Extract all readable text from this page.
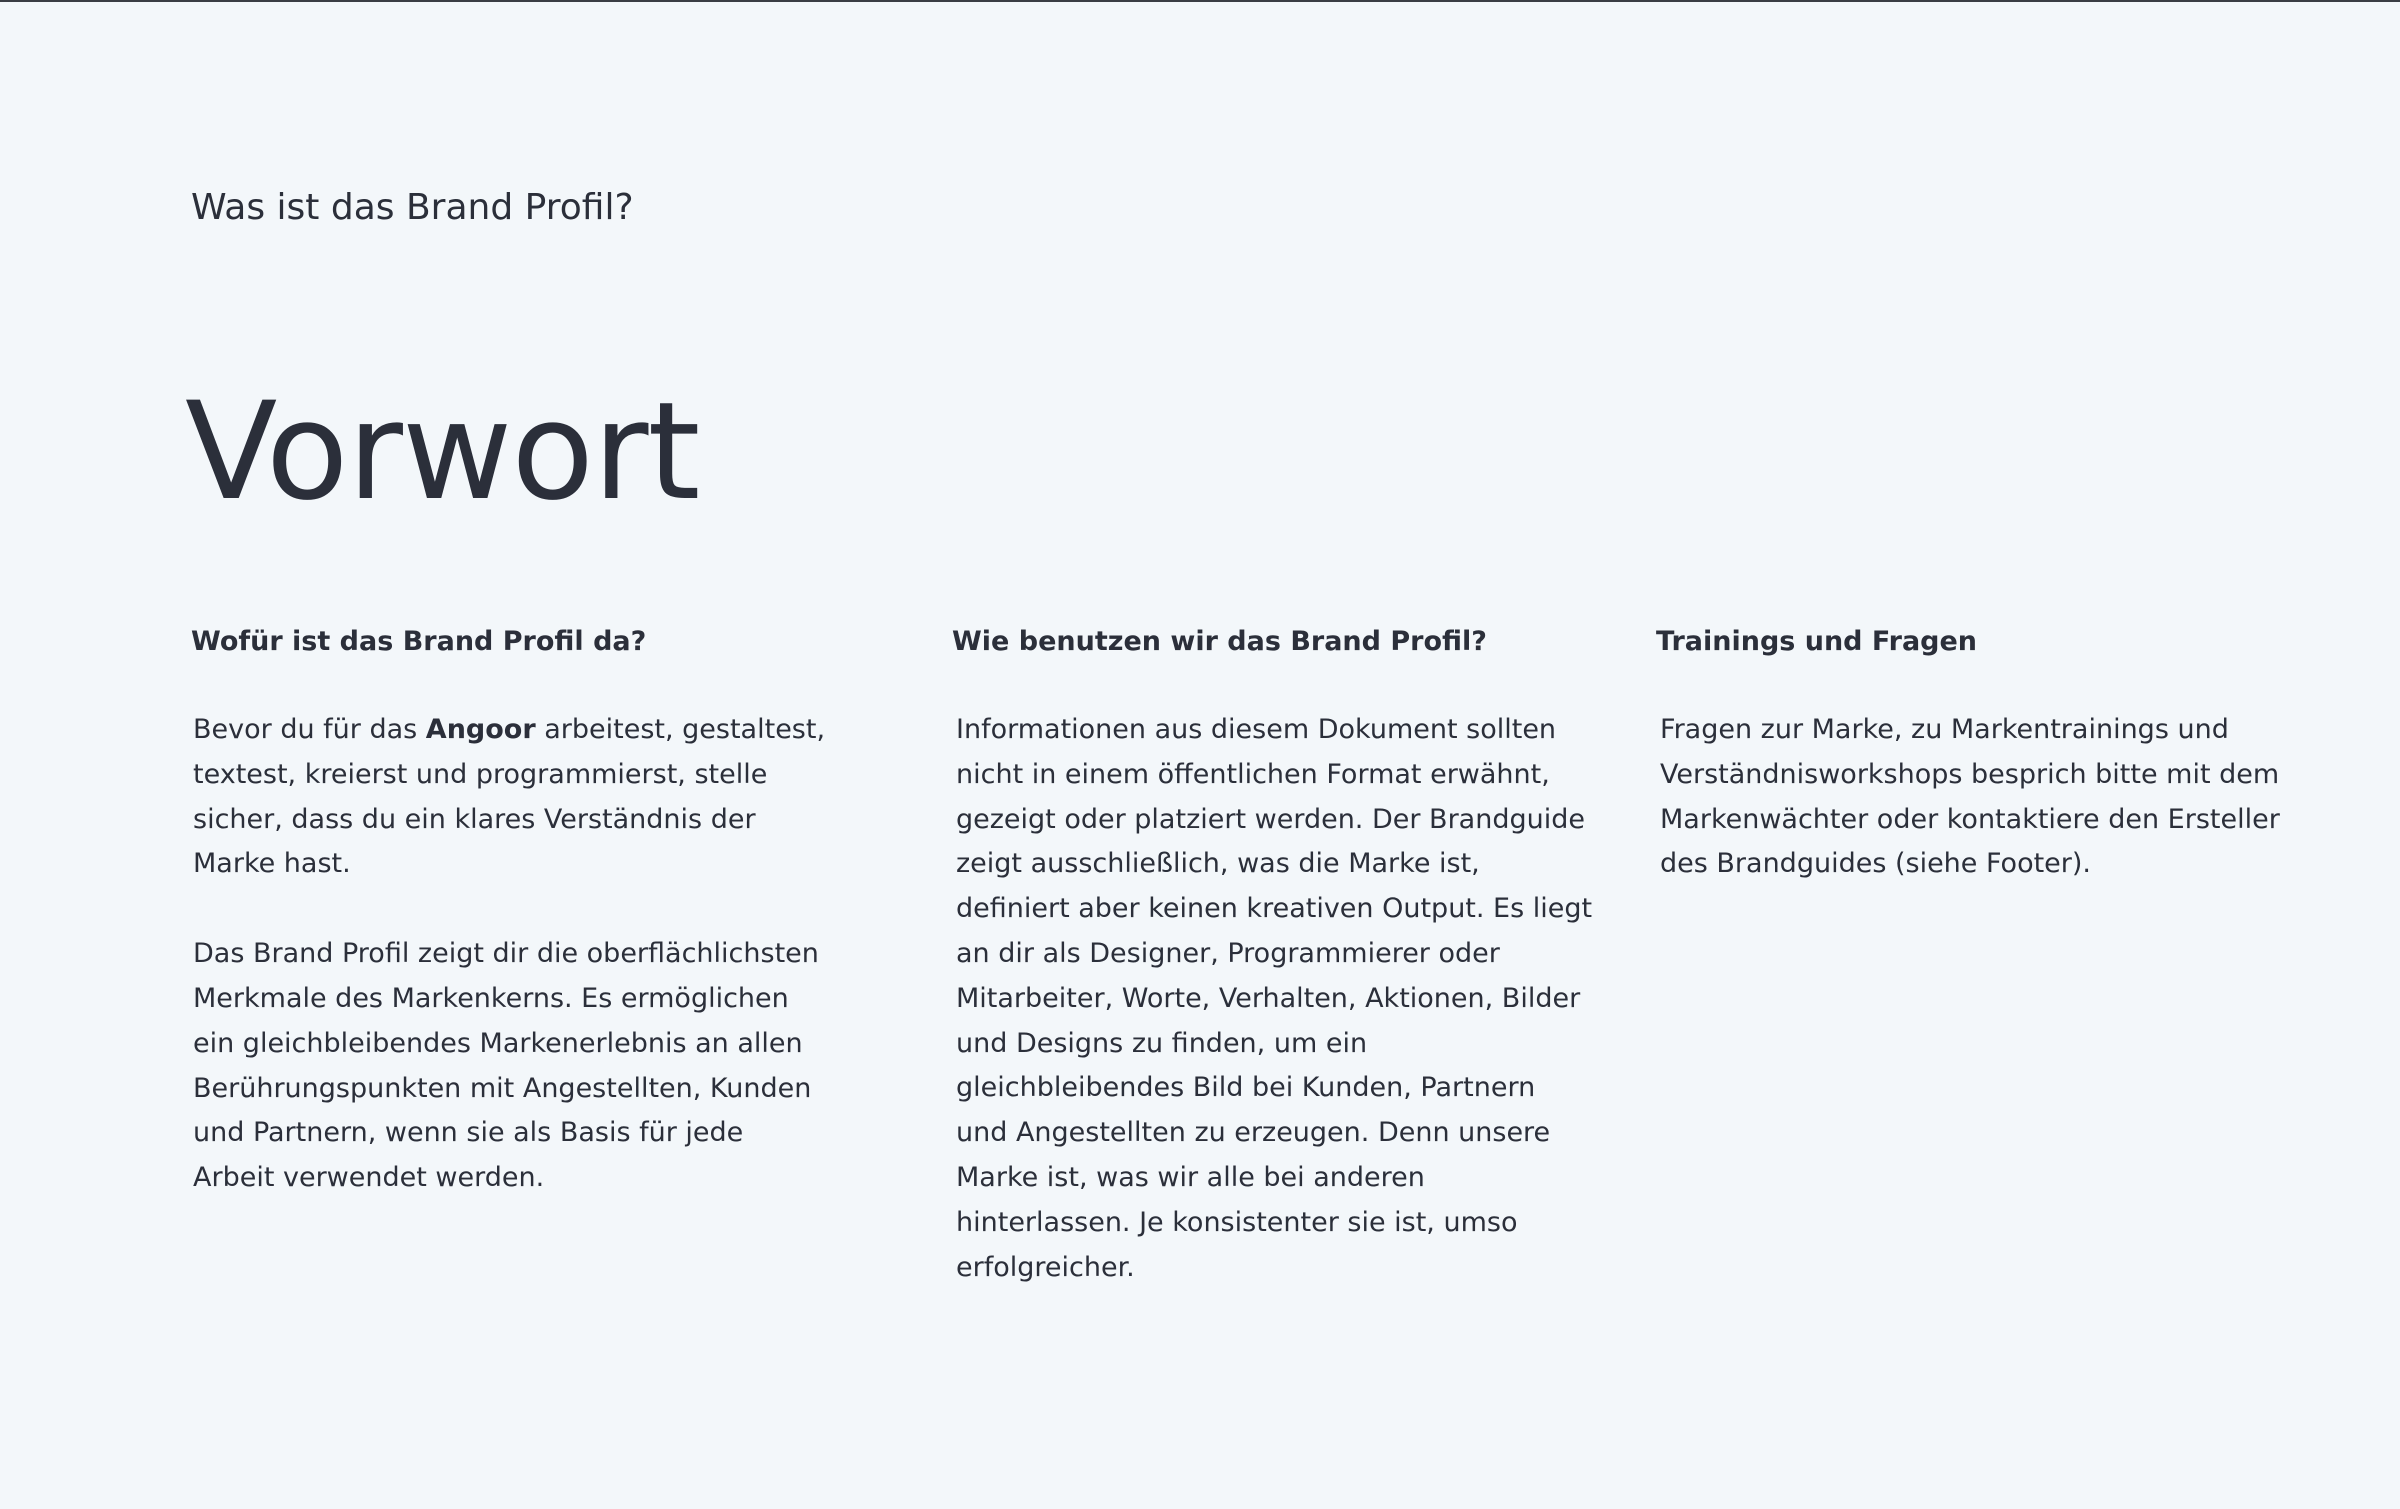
Was ist das Brand Profil?
Vorwort
Wofür ist das Brand Profil da?

Bevor du für das Angoor arbeitest, gestaltest,
textest, kreierst und programmierst, stelle
sicher, dass du ein klares Verständnis der
Marke hast.

Das Brand Profil zeigt dir die oberflächlichsten
Merkmale des Markenkerns. Es ermöglichen
ein gleichbleibendes Markenerlebnis an allen
Berührungspunkten mit Angestellten, Kunden
und Partnern, wenn sie als Basis für jede
Arbeit verwendet werden.

Wie benutzen wir das Brand Profil?

Informationen aus diesem Dokument sollten
nicht in einem öffentlichen Format erwähnt,
gezeigt oder platziert werden. Der Brandguide
zeigt ausschließlich, was die Marke ist,
definiert aber keinen kreativen Output. Es liegt
an dir als Designer, Programmierer oder
Mitarbeiter, Worte, Verhalten, Aktionen, Bilder
und Designs zu finden, um ein
gleichbleibendes Bild bei Kunden, Partnern
und Angestellten zu erzeugen. Denn unsere
Marke ist, was wir alle bei anderen
hinterlassen. Je konsistenter sie ist, umso
erfolgreicher.

Trainings und Fragen

Fragen zur Marke, zu Markentrainings und
Verständnisworkshops besprich bitte mit dem
Markenwächter oder kontaktiere den Ersteller
des Brandguides (siehe Footer).
